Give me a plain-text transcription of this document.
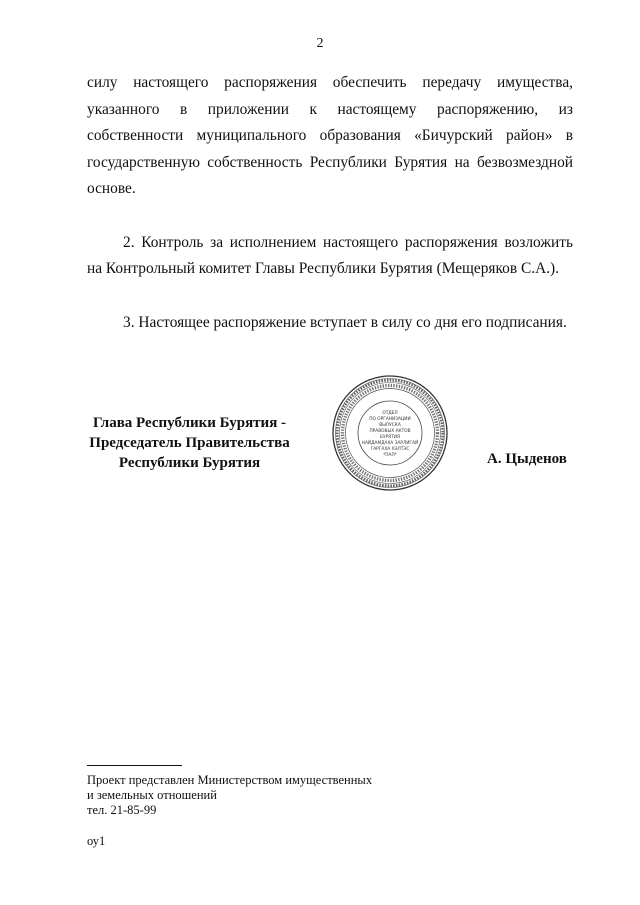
2

силу настоящего распоряжения обеспечить передачу имущества, указанного в приложении к настоящему распоряжению, из собственности муниципального образования «Бичурский район» в государственную собственность Республики Бурятия на безвозмездной основе.

2. Контроль за исполнением настоящего распоряжения возложить на Контрольный комитет Главы Республики Бурятия (Мещеряков С.А.).

3. Настоящее распоряжение вступает в силу со дня его подписания.

Глава Республики Бурятия -
Председатель Правительства
Республики Бурятия
ОТДЕЛ
ПО ОРГАНИЗАЦИИ
ВЫПУСКА
ПРАВОВЫХ АКТОВ
БУРЯТИЯ
НАЙДАМДАХА ЗАРЛИГАЙ
ГАРГАХА ХЭЛТЭС
*ПАП*	А. Цыденов
Проект представлен Министерством имущественных
и земельных отношений
тел. 21-85-99
оу1
